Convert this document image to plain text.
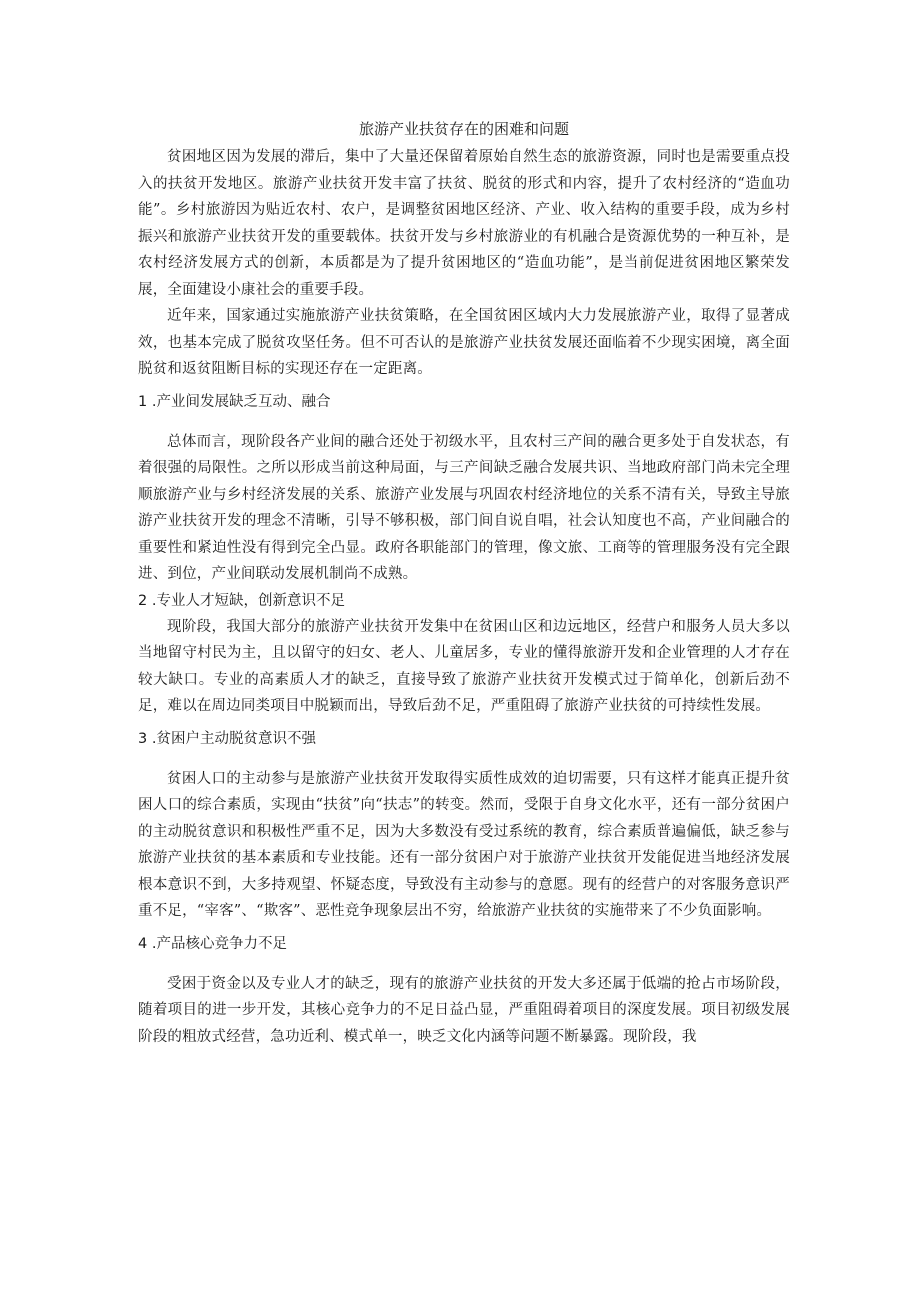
旅游产业扶贫存在的困难和问题

贫困地区因为发展的滞后，集中了大量还保留着原始自然生态的旅游资源，同时也是需要重点投入的扶贫开发地区。旅游产业扶贫开发丰富了扶贫、脱贫的形式和内容，提升了农村经济的“造血功能”。乡村旅游因为贴近农村、农户，是调整贫困地区经济、产业、收入结构的重要手段，成为乡村振兴和旅游产业扶贫开发的重要载体。扶贫开发与乡村旅游业的有机融合是资源优势的一种互补，是农村经济发展方式的创新，本质都是为了提升贫困地区的“造血功能”，是当前促进贫困地区繁荣发展，全面建设小康社会的重要手段。

近年来，国家通过实施旅游产业扶贫策略，在全国贫困区域内大力发展旅游产业，取得了显著成效，也基本完成了脱贫攻坚任务。但不可否认的是旅游产业扶贫发展还面临着不少现实困境，离全面脱贫和返贫阻断目标的实现还存在一定距离。

1 .产业间发展缺乏互动、融合

总体而言，现阶段各产业间的融合还处于初级水平，且农村三产间的融合更多处于自发状态，有着很强的局限性。之所以形成当前这种局面，与三产间缺乏融合发展共识、当地政府部门尚未完全理顺旅游产业与乡村经济发展的关系、旅游产业发展与巩固农村经济地位的关系不清有关，导致主导旅游产业扶贫开发的理念不清晰，引导不够积极，部门间自说自唱，社会认知度也不高，产业间融合的重要性和紧迫性没有得到完全凸显。政府各职能部门的管理，像文旅、工商等的管理服务没有完全跟进、到位，产业间联动发展机制尚不成熟。

2 .专业人才短缺，创新意识不足

现阶段，我国大部分的旅游产业扶贫开发集中在贫困山区和边远地区，经营户和服务人员大多以当地留守村民为主，且以留守的妇女、老人、儿童居多，专业的懂得旅游开发和企业管理的人才存在较大缺口。专业的高素质人才的缺乏，直接导致了旅游产业扶贫开发模式过于简单化，创新后劲不足，难以在周边同类项目中脱颖而出，导致后劲不足，严重阻碍了旅游产业扶贫的可持续性发展。

3 .贫困户主动脱贫意识不强

贫困人口的主动参与是旅游产业扶贫开发取得实质性成效的迫切需要，只有这样才能真正提升贫困人口的综合素质，实现由“扶贫”向“扶志”的转变。然而，受限于自身文化水平，还有一部分贫困户的主动脱贫意识和积极性严重不足，因为大多数没有受过系统的教育，综合素质普遍偏低，缺乏参与旅游产业扶贫的基本素质和专业技能。还有一部分贫困户对于旅游产业扶贫开发能促进当地经济发展根本意识不到，大多持观望、怀疑态度，导致没有主动参与的意愿。现有的经营户的对客服务意识严重不足，“宰客”、“欺客”、恶性竞争现象层出不穷，给旅游产业扶贫的实施带来了不少负面影响。

4 .产品核心竞争力不足

受困于资金以及专业人才的缺乏，现有的旅游产业扶贫的开发大多还属于低端的抢占市场阶段，随着项目的进一步开发，其核心竞争力的不足日益凸显，严重阻碍着项目的深度发展。项目初级发展阶段的粗放式经营，急功近利、模式单一，映乏文化内涵等问题不断暴露。现阶段，我
